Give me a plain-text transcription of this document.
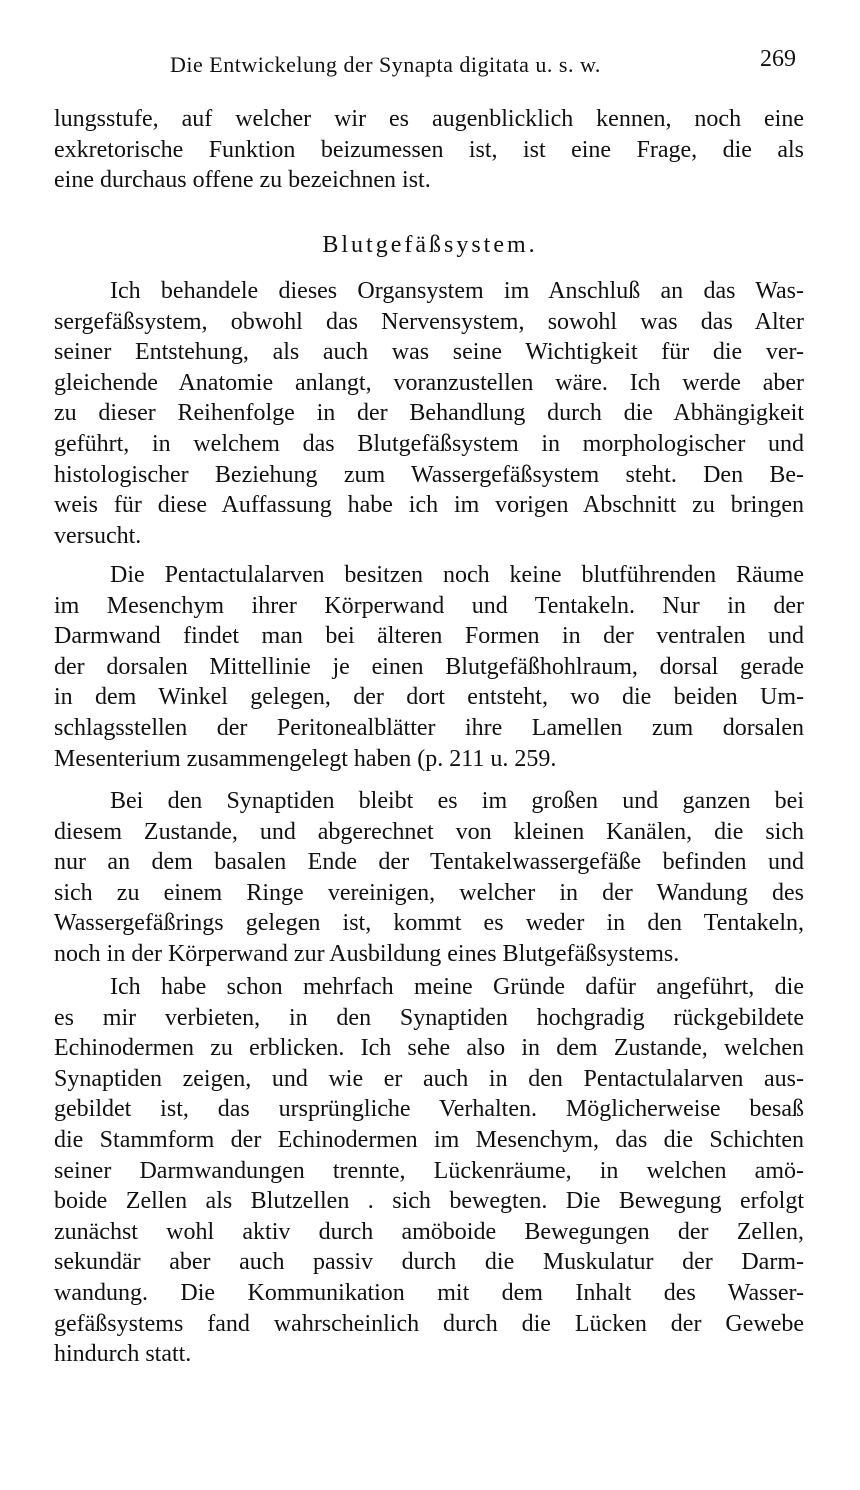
Die Entwickelung der Synapta digitata u. s. w.	269
lungsstufe, auf welcher wir es augenblicklich kennen, noch eine
exkretorische Funktion beizumessen ist, ist eine Frage, die als
eine durchaus offene zu bezeichnen ist.
Blutgefäßsystem.
Ich behandele dieses Organsystem im Anschluß an das Was-
sergefäßsystem, obwohl das Nervensystem, sowohl was das Alter
seiner Entstehung, als auch was seine Wichtigkeit für die ver-
gleichende Anatomie anlangt, voranzustellen wäre. Ich werde aber
zu dieser Reihenfolge in der Behandlung durch die Abhängigkeit
geführt, in welchem das Blutgefäßsystem in morphologischer und
histologischer Beziehung zum Wassergefäßsystem steht. Den Be-
weis für diese Auffassung habe ich im vorigen Abschnitt zu bringen
versucht.
Die Pentactulalarven besitzen noch keine blutführenden Räume
im Mesenchym ihrer Körperwand und Tentakeln. Nur in der
Darmwand findet man bei älteren Formen in der ventralen und
der dorsalen Mittellinie je einen Blutgefäßhohlraum, dorsal gerade
in dem Winkel gelegen, der dort entsteht, wo die beiden Um-
schlagsstellen der Peritonealblätter ihre Lamellen zum dorsalen
Mesenterium zusammengelegt haben (p. 211 u. 259.
Bei den Synaptiden bleibt es im großen und ganzen bei
diesem Zustande, und abgerechnet von kleinen Kanälen, die sich
nur an dem basalen Ende der Tentakelwassergefäße befinden und
sich zu einem Ringe vereinigen, welcher in der Wandung des
Wassergefäßrings gelegen ist, kommt es weder in den Tentakeln,
noch in der Körperwand zur Ausbildung eines Blutgefäßsystems.
Ich habe schon mehrfach meine Gründe dafür angeführt, die
es mir verbieten, in den Synaptiden hochgradig rückgebildete
Echinodermen zu erblicken. Ich sehe also in dem Zustande, welchen
Synaptiden zeigen, und wie er auch in den Pentactulalarven aus-
gebildet ist, das ursprüngliche Verhalten. Möglicherweise besaß
die Stammform der Echinodermen im Mesenchym, das die Schichten
seiner Darmwandungen trennte, Lückenräume, in welchen amö-
boide Zellen als Blutzellen . sich bewegten. Die Bewegung erfolgt
zunächst wohl aktiv durch amöboide Bewegungen der Zellen,
sekundär aber auch passiv durch die Muskulatur der Darm-
wandung. Die Kommunikation mit dem Inhalt des Wasser-
gefäßsystems fand wahrscheinlich durch die Lücken der Gewebe
hindurch statt.
